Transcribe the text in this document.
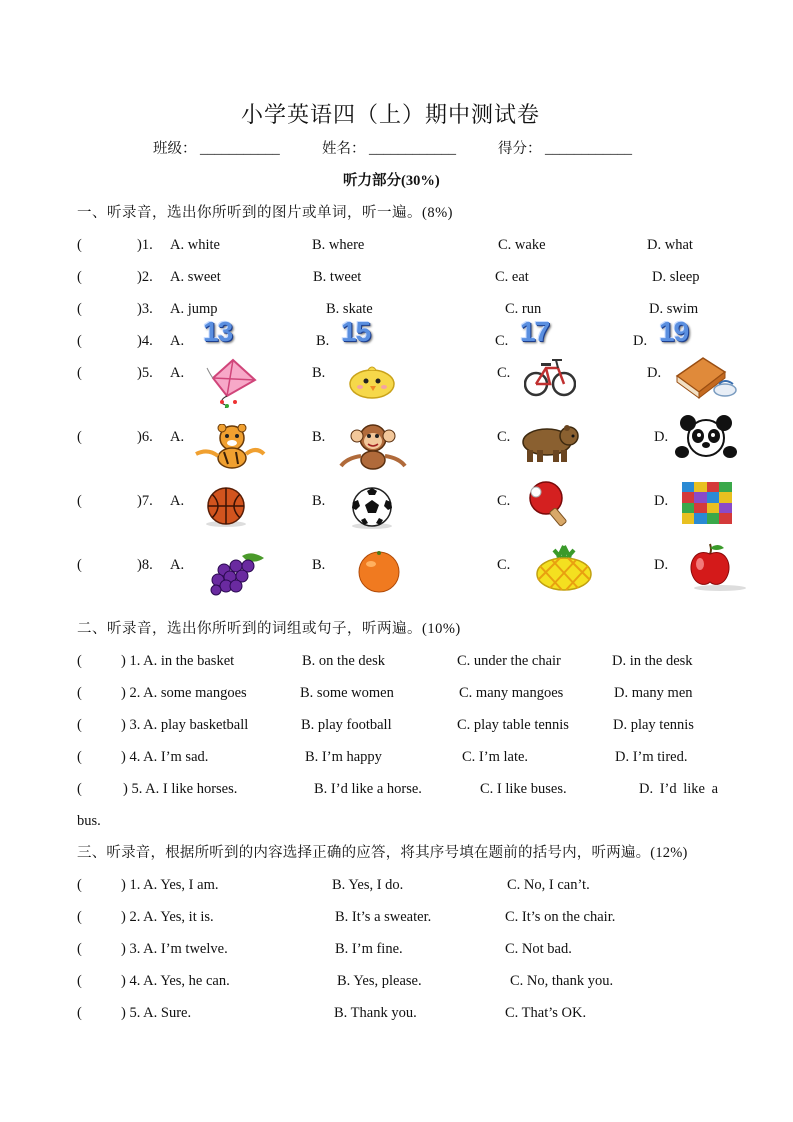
小学英语四（上）期中测试卷
班级： ___________	姓名： ____________	得分： ____________
听力部分(30%)
一、听录音，选出你所听到的图片或单词，听一遍。(8%)
(	)1. A. white	B. where	C. wake	D. what
(	)2. A. sweet	B. tweet	C. eat	D. sleep
(	)3. A. jump	B. skate	C. run	D. swim
(	)4. A. 13	B. 15	C. 17	D. 19
(	)5. A.	B.	C.	D.
(	)6. A.	B.	C.	D.
(	)7. A.	B.	C.	D.
(	)8. A.	B.	C.	D.
二、听录音，选出你所听到的词组或句子，听两遍。(10%)
(	) 1. A. in the basket	B. on the desk	C. under the chair	D. in the desk
(	) 2. A. some mangoes	B. some women	C. many mangoes	D. many men
(	) 3. A. play basketball	B. play football	C. play table tennis	D. play tennis
(	) 4. A. I’m sad.	B. I’m happy	C. I’m late.	D. I’m tired.
(	) 5. A. I like horses.	B. I’d like a horse.	C. I like buses.	D. I’d like a
bus.
三、听录音，根据所听到的内容选择正确的应答，将其序号填在题前的括号内，听两遍。(12%)
(	) 1. A. Yes, I am.	B. Yes, I do.	C. No, I can’t.
(	) 2. A. Yes, it is.	B. It’s a sweater.	C. It’s on the chair.
(	) 3. A. I’m twelve.	B. I’m fine.	C. Not bad.
(	) 4. A. Yes, he can.	B. Yes, please.	C. No, thank you.
(	) 5. A. Sure.	B. Thank you.	C. That’s OK.
